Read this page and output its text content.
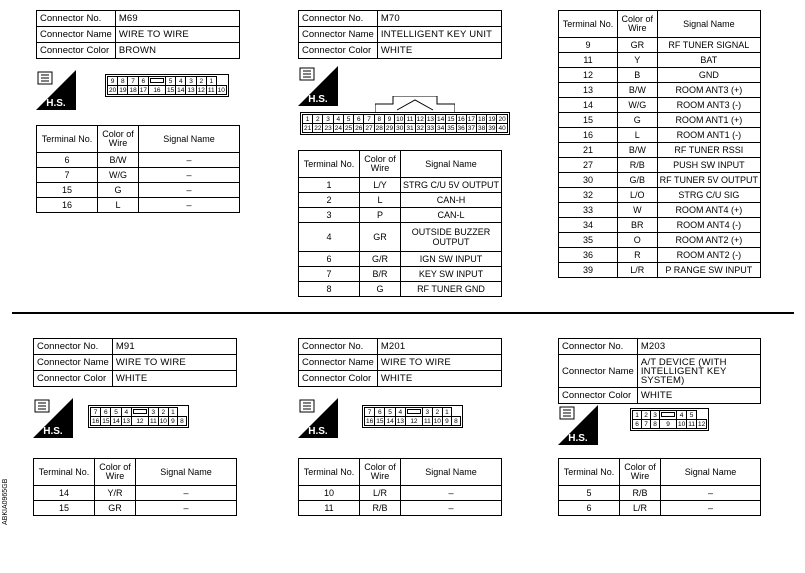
Connector No.	M69
Connector Name	WIRE TO WIRE
Connector Color	BROWN
H.S.
9	8	7	6		5	4	3	2	1	
20	19	18	17	16	15	14	13	12	11	10
Terminal No.	Color of Wire	Signal Name
6	B/W	–
7	W/G	–
15	G	–
16	L	–
Connector No.	M70
Connector Name	INTELLIGENT KEY UNIT
Connector Color	WHITE
H.S.
1	2	3	4	5	6	7	8	9	10	11	12	13	14	15	16	17	18	19	20
21	22	23	24	25	26	27	28	29	30	31	32	33	34	35	36	37	38	39	40
Terminal No.	Color of Wire	Signal Name
1	L/Y	STRG C/U 5V OUTPUT
2	L	CAN-H
3	P	CAN-L
4	GR	OUTSIDE BUZZER OUTPUT
6	G/R	IGN SW INPUT
7	B/R	KEY SW INPUT
8	G	RF TUNER GND
Terminal No.	Color of Wire	Signal Name
9	GR	RF TUNER SIGNAL
11	Y	BAT
12	B	GND
13	B/W	ROOM ANT3 (+)
14	W/G	ROOM ANT3 (-)
15	G	ROOM ANT1 (+)
16	L	ROOM ANT1 (-)
21	B/W	RF TUNER RSSI
27	R/B	PUSH SW INPUT
30	G/B	RF TUNER 5V OUTPUT
32	L/O	STRG C/U SIG
33	W	ROOM ANT4 (+)
34	BR	ROOM ANT4 (-)
35	O	ROOM ANT2 (+)
36	R	ROOM ANT2 (-)
39	L/R	P RANGE SW INPUT
Connector No.	M91
Connector Name	WIRE TO WIRE
Connector Color	WHITE
H.S.
7	6	5	4		3	2	1	
16	15	14	13	12	11	10	9	8
Terminal No.	Color of Wire	Signal Name
14	Y/R	–
15	GR	–
Connector No.	M201
Connector Name	WIRE TO WIRE
Connector Color	WHITE
H.S.
7	6	5	4		3	2	1	
16	15	14	13	12	11	10	9	8
Terminal No.	Color of Wire	Signal Name
10	L/R	–
11	R/B	–
Connector No.	M203
Connector Name	A/T DEVICE (WITH INTELLIGENT KEY SYSTEM)
Connector Color	WHITE
H.S.
1	2	3		4	5	
6	7	8	9	10	11	12
Terminal No.	Color of Wire	Signal Name
5	R/B	–
6	L/R	–
ABKIA0965GB
